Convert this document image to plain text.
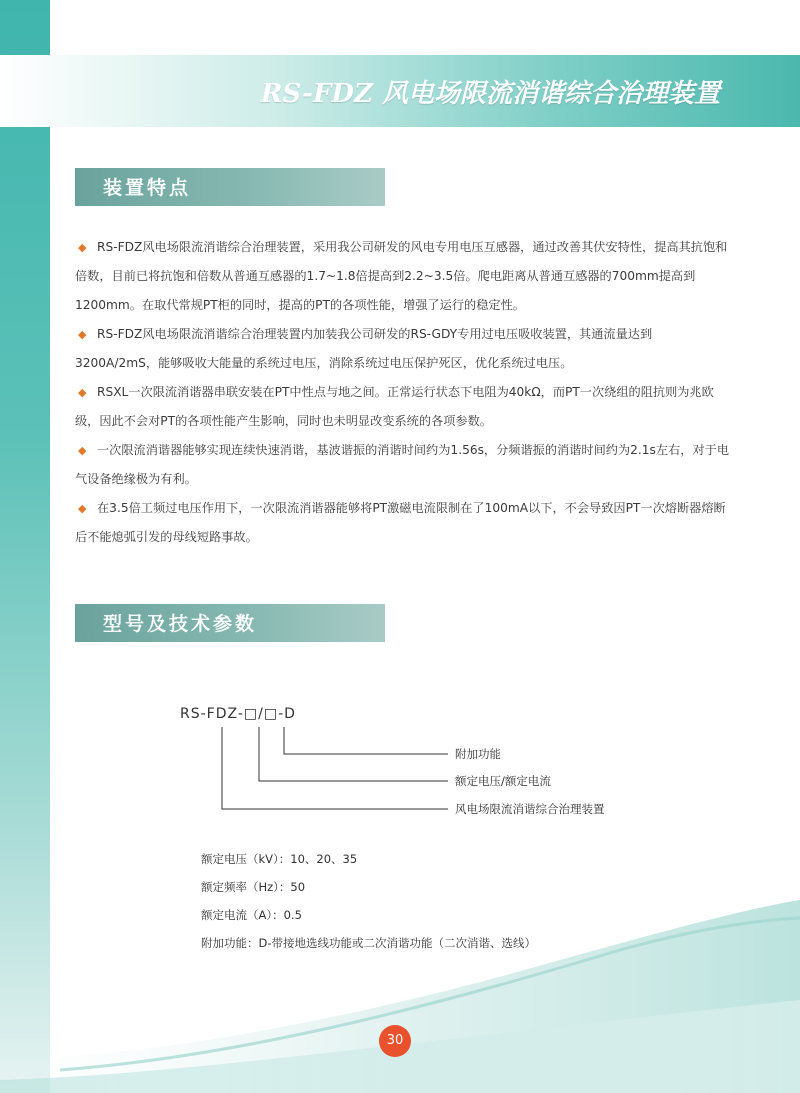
RS-FDZ 风电场限流消谐综合治理装置
装置特点

◆ RS-FDZ风电场限流消谐综合治理装置，采用我公司研发的风电专用电压互感器，通过改善其伏安特性，提高其抗饱和倍数，目前已将抗饱和倍数从普通互感器的1.7~1.8倍提高到2.2~3.5倍。爬电距离从普通互感器的700mm提高到1200mm。在取代常规PT柜的同时，提高的PT的各项性能，增强了运行的稳定性。

◆ RS-FDZ风电场限流消谐综合治理装置内加装我公司研发的RS-GDY专用过电压吸收装置，其通流量达到3200A/2mS，能够吸收大能量的系统过电压，消除系统过电压保护死区，优化系统过电压。

◆ RSXL一次限流消谐器串联安装在PT中性点与地之间。正常运行状态下电阻为40kΩ，而PT一次绕组的阻抗则为兆欧级，因此不会对PT的各项性能产生影响，同时也未明显改变系统的各项参数。

◆ 一次限流消谐器能够实现连续快速消谐，基波谐振的消谐时间约为1.56s，分频谐振的消谐时间约为2.1s左右，对于电气设备绝缘极为有利。

◆ 在3.5倍工频过电压作用下，一次限流消谐器能够将PT激磁电流限制在了100mA以下，不会导致因PT一次熔断器熔断后不能熄弧引发的母线短路事故。

型号及技术参数
RS-FDZ-□/□-D
附加功能
额定电压/额定电流
风电场限流消谐综合治理装置
额定电压（kV）：10、20、35
额定频率（Hz）：50
额定电流（A）：0.5
附加功能：D-带接地选线功能或二次消谐功能（二次消谐、选线）
30
